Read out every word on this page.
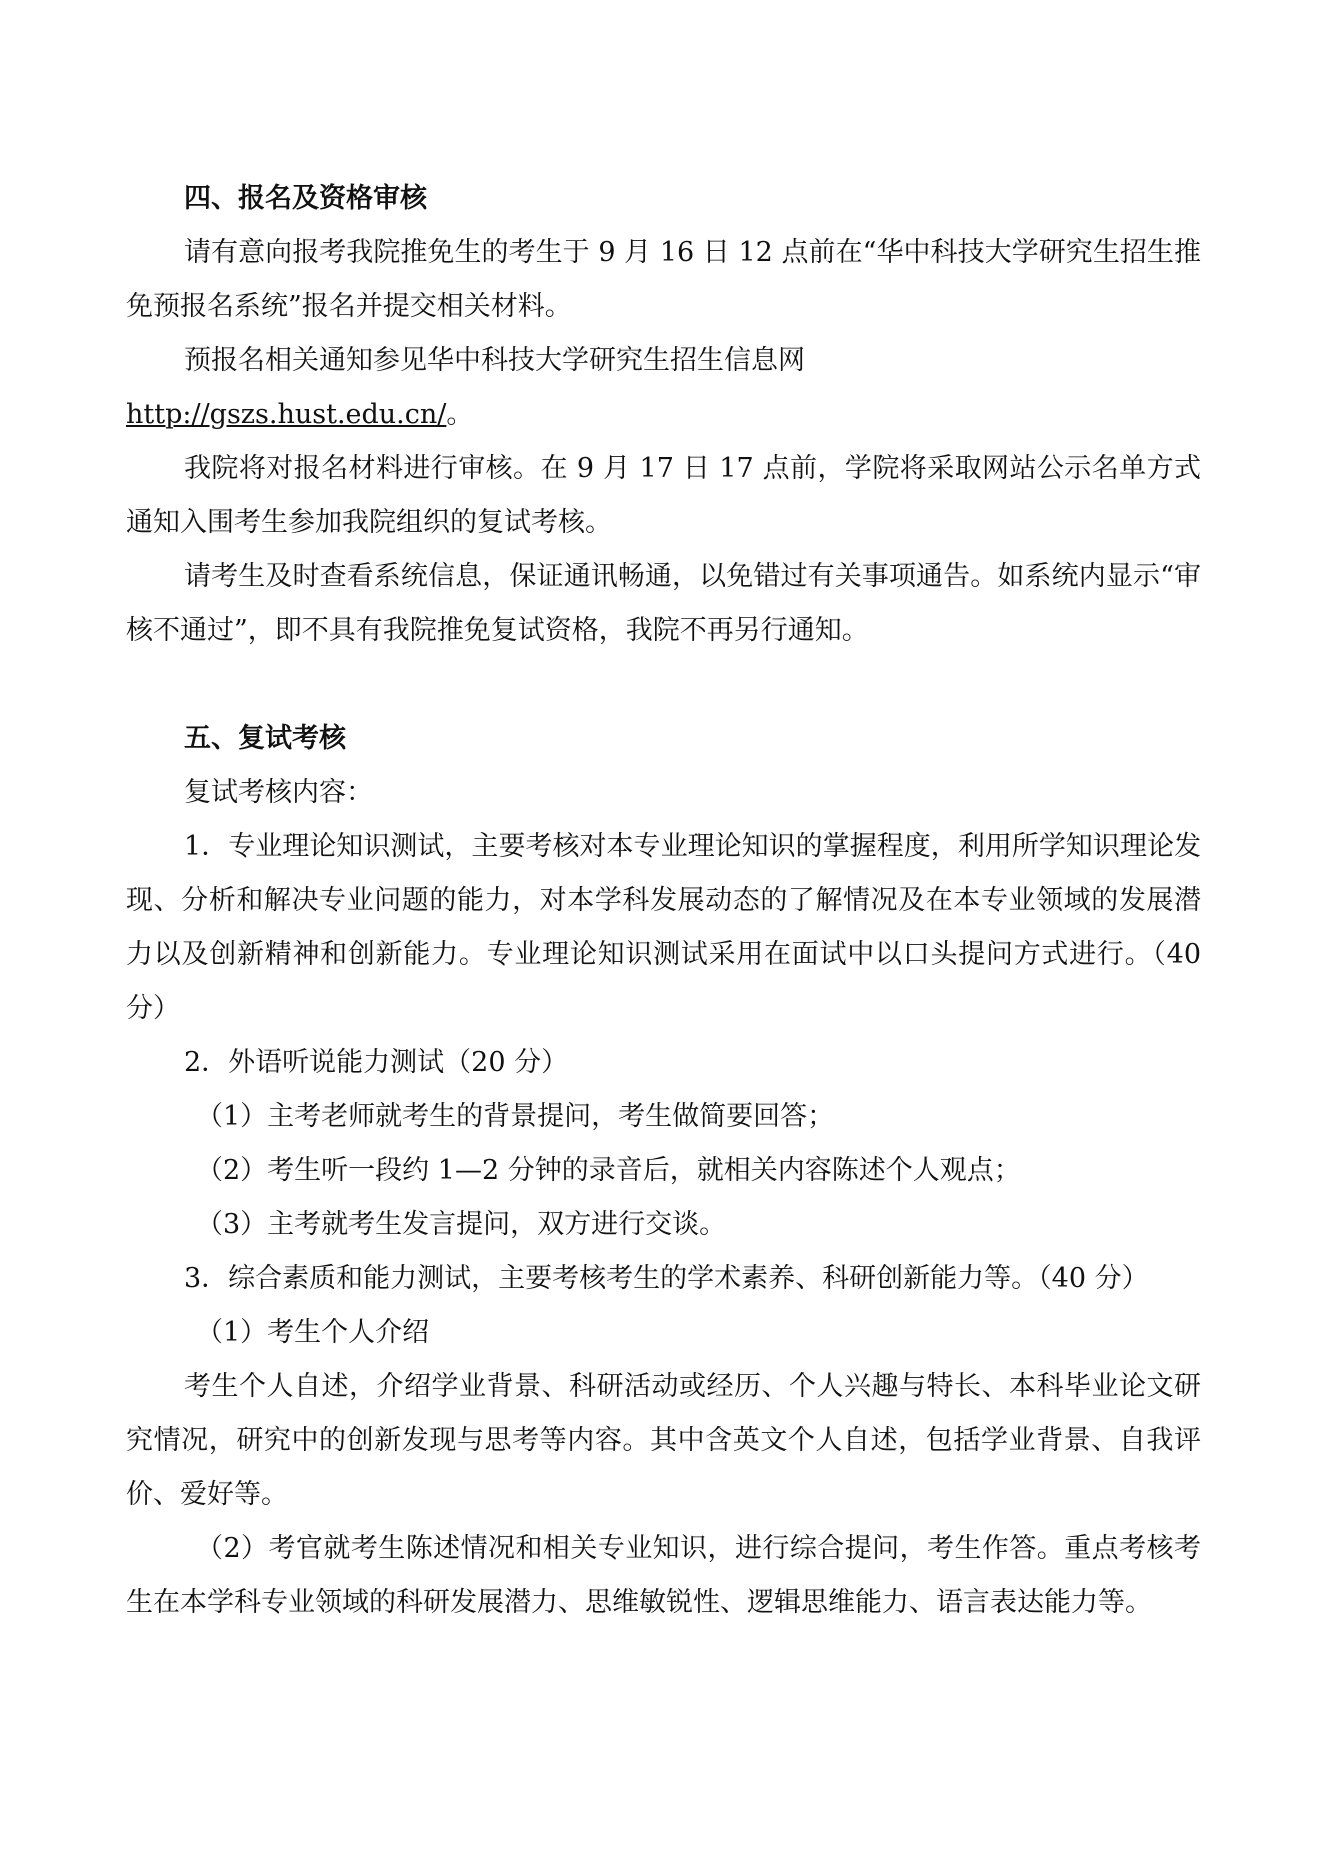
四、报名及资格审核

请有意向报考我院推免生的考生于 9 月 16 日 12 点前在“华中科技大学研究生招生推免预报名系统”报名并提交相关材料。

预报名相关通知参见华中科技大学研究生招生信息网

http://gszs.hust.edu.cn/。

我院将对报名材料进行审核。在 9 月 17 日 17 点前，学院将采取网站公示名单方式通知入围考生参加我院组织的复试考核。

请考生及时查看系统信息，保证通讯畅通，以免错过有关事项通告。如系统内显示“审核不通过”，即不具有我院推免复试资格，我院不再另行通知。

五、复试考核

复试考核内容：

1．专业理论知识测试，主要考核对本专业理论知识的掌握程度，利用所学知识理论发现、分析和解决专业问题的能力，对本学科发展动态的了解情况及在本专业领域的发展潜力以及创新精神和创新能力。专业理论知识测试采用在面试中以口头提问方式进行。（40 分）

2．外语听说能力测试（20 分）

（1）主考老师就考生的背景提问，考生做简要回答；

（2）考生听一段约 1—2 分钟的录音后，就相关内容陈述个人观点；

（3）主考就考生发言提问，双方进行交谈。

3．综合素质和能力测试，主要考核考生的学术素养、科研创新能力等。（40 分）

（1）考生个人介绍

考生个人自述，介绍学业背景、科研活动或经历、个人兴趣与特长、本科毕业论文研究情况，研究中的创新发现与思考等内容。其中含英文个人自述，包括学业背景、自我评价、爱好等。

（2）考官就考生陈述情况和相关专业知识，进行综合提问，考生作答。重点考核考生在本学科专业领域的科研发展潜力、思维敏锐性、逻辑思维能力、语言表达能力等。
